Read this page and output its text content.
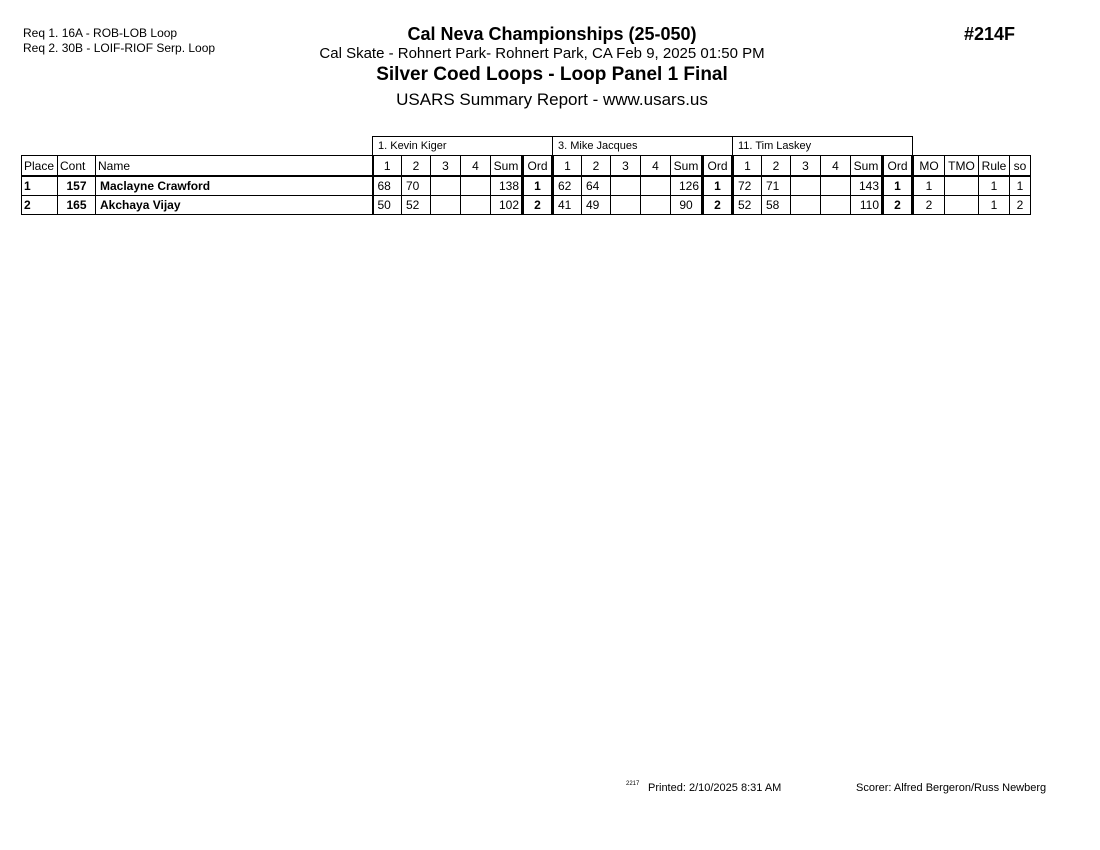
Req 1. 16A - ROB-LOB Loop
Req 2. 30B - LOIF-RIOF Serp. Loop
Cal Neva Championships (25-050)
Cal Skate - Rohnert Park- Rohnert Park, CA Feb 9, 2025 01:50 PM
Silver Coed Loops - Loop Panel 1 Final
USARS Summary Report - www.usars.us
#214F
			1. Kevin Kiger						3. Mike Jacques						11. Tim Laskey									
Place	Cont	Name	1	2	3	4	Sum	Ord	1	2	3	4	Sum	Ord	1	2	3	4	Sum	Ord	MO	TMO	Rule	so
1	157	Maclayne Crawford	68	70			138	1	62	64			126	1	72	71			143	1	1		1	1
2	165	Akchaya Vijay	50	52			102	2	41	49			90	2	52	58			110	2	2		1	2
2217 Printed: 2/10/2025 8:31 AM	Scorer: Alfred Bergeron/Russ Newberg
